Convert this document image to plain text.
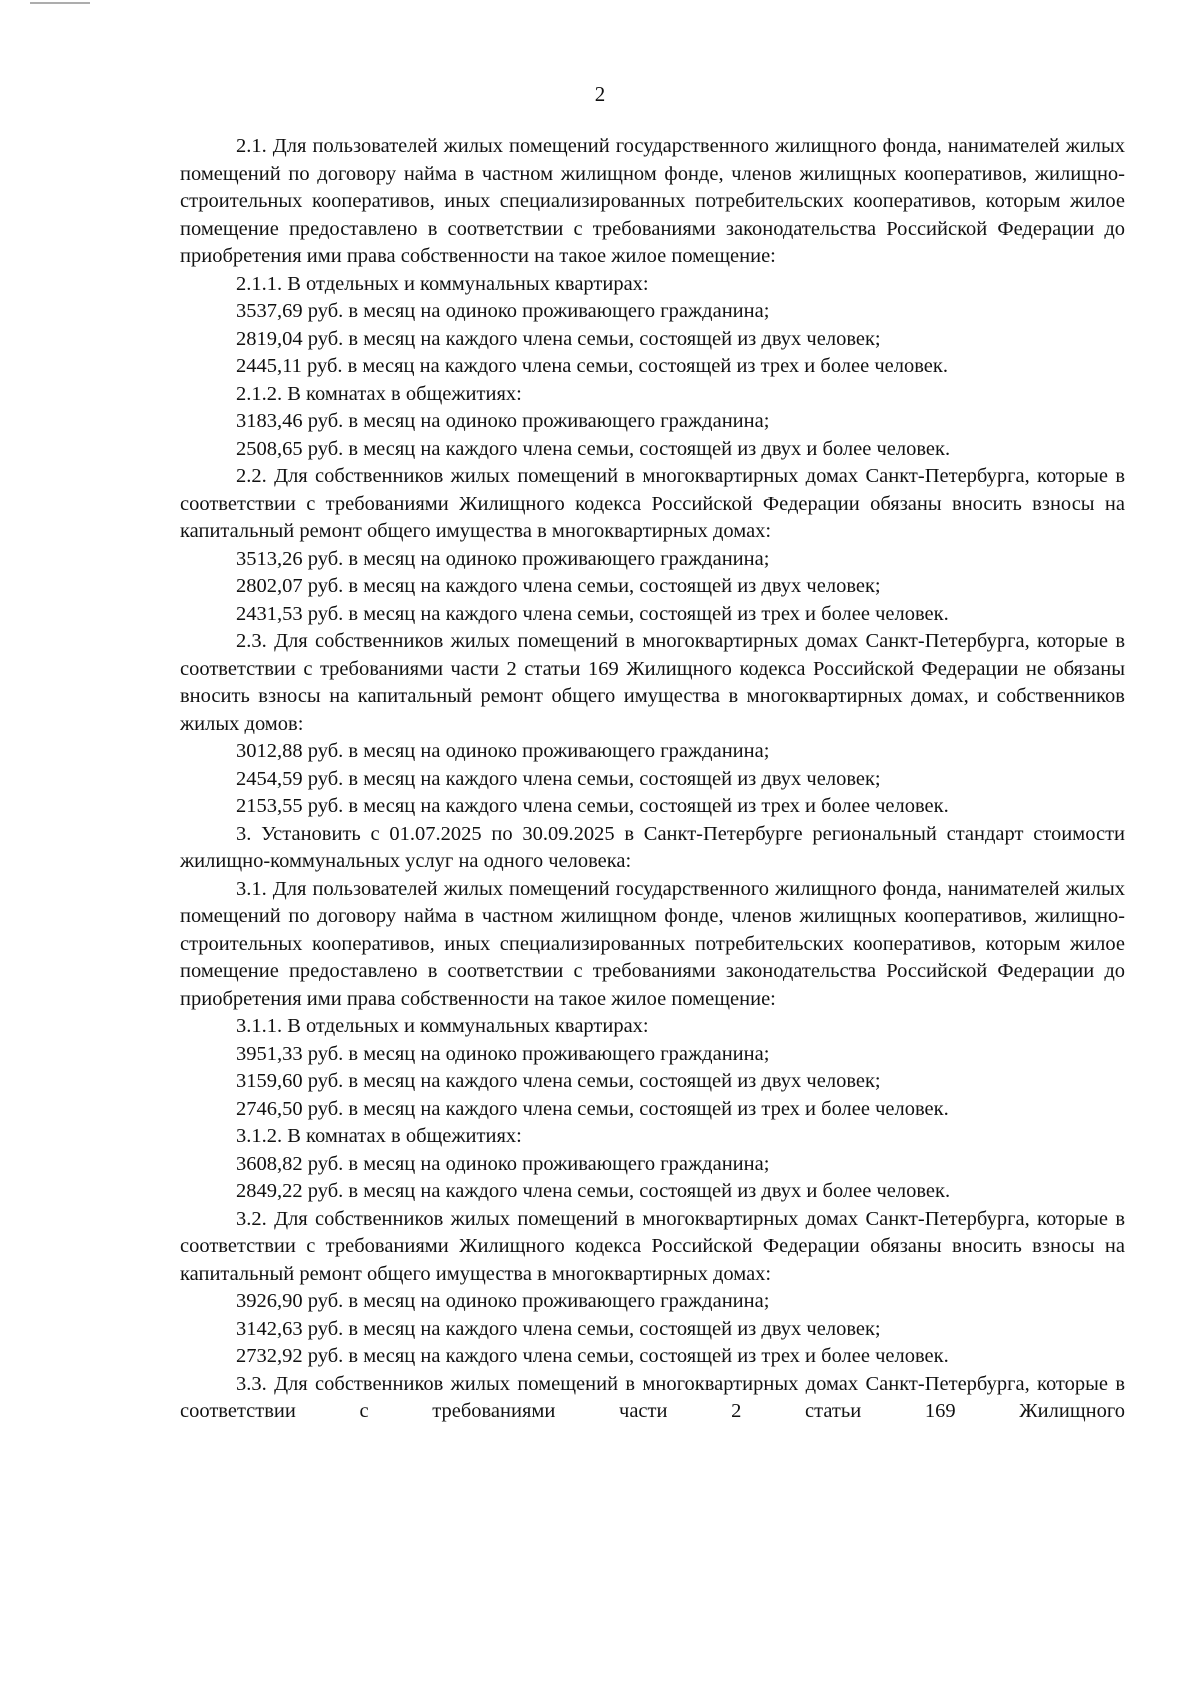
2

2.1. Для пользователей жилых помещений государственного жилищного фонда, нанимателей жилых помещений по договору найма в частном жилищном фонде, членов жилищных кооперативов, жилищно-строительных кооперативов, иных специализированных потребительских кооперативов, которым жилое помещение предоставлено в соответствии с требованиями законодательства Российской Федерации до приобретения ими права собственности на такое жилое помещение:

2.1.1. В отдельных и коммунальных квартирах:

3537,69 руб. в месяц на одиноко проживающего гражданина;

2819,04 руб. в месяц на каждого члена семьи, состоящей из двух человек;

2445,11 руб. в месяц на каждого члена семьи, состоящей из трех и более человек.

2.1.2. В комнатах в общежитиях:

3183,46 руб. в месяц на одиноко проживающего гражданина;

2508,65 руб. в месяц на каждого члена семьи, состоящей из двух и более человек.

2.2. Для собственников жилых помещений в многоквартирных домах Санкт-Петербурга, которые в соответствии с требованиями Жилищного кодекса Российской Федерации обязаны вносить взносы на капитальный ремонт общего имущества в многоквартирных домах:

3513,26 руб. в месяц на одиноко проживающего гражданина;

2802,07 руб. в месяц на каждого члена семьи, состоящей из двух человек;

2431,53 руб. в месяц на каждого члена семьи, состоящей из трех и более человек.

2.3. Для собственников жилых помещений в многоквартирных домах Санкт-Петербурга, которые в соответствии с требованиями части 2 статьи 169 Жилищного кодекса Российской Федерации не обязаны вносить взносы на капитальный ремонт общего имущества в многоквартирных домах, и собственников жилых домов:

3012,88 руб. в месяц на одиноко проживающего гражданина;

2454,59 руб. в месяц на каждого члена семьи, состоящей из двух человек;

2153,55 руб. в месяц на каждого члена семьи, состоящей из трех и более человек.

3. Установить с 01.07.2025 по 30.09.2025 в Санкт-Петербурге региональный стандарт стоимости жилищно-коммунальных услуг на одного человека:

3.1. Для пользователей жилых помещений государственного жилищного фонда, нанимателей жилых помещений по договору найма в частном жилищном фонде, членов жилищных кооперативов, жилищно-строительных кооперативов, иных специализированных потребительских кооперативов, которым жилое помещение предоставлено в соответствии с требованиями законодательства Российской Федерации до приобретения ими права собственности на такое жилое помещение:

3.1.1. В отдельных и коммунальных квартирах:

3951,33 руб. в месяц на одиноко проживающего гражданина;

3159,60 руб. в месяц на каждого члена семьи, состоящей из двух человек;

2746,50 руб. в месяц на каждого члена семьи, состоящей из трех и более человек.

3.1.2. В комнатах в общежитиях:

3608,82 руб. в месяц на одиноко проживающего гражданина;

2849,22 руб. в месяц на каждого члена семьи, состоящей из двух и более человек.

3.2. Для собственников жилых помещений в многоквартирных домах Санкт-Петербурга, которые в соответствии с требованиями Жилищного кодекса Российской Федерации обязаны вносить взносы на капитальный ремонт общего имущества в многоквартирных домах:

3926,90 руб. в месяц на одиноко проживающего гражданина;

3142,63 руб. в месяц на каждого члена семьи, состоящей из двух человек;

2732,92 руб. в месяц на каждого члена семьи, состоящей из трех и более человек.

3.3. Для собственников жилых помещений в многоквартирных домах Санкт-Петербурга, которые в соответствии с требованиями части 2 статьи 169 Жилищного
